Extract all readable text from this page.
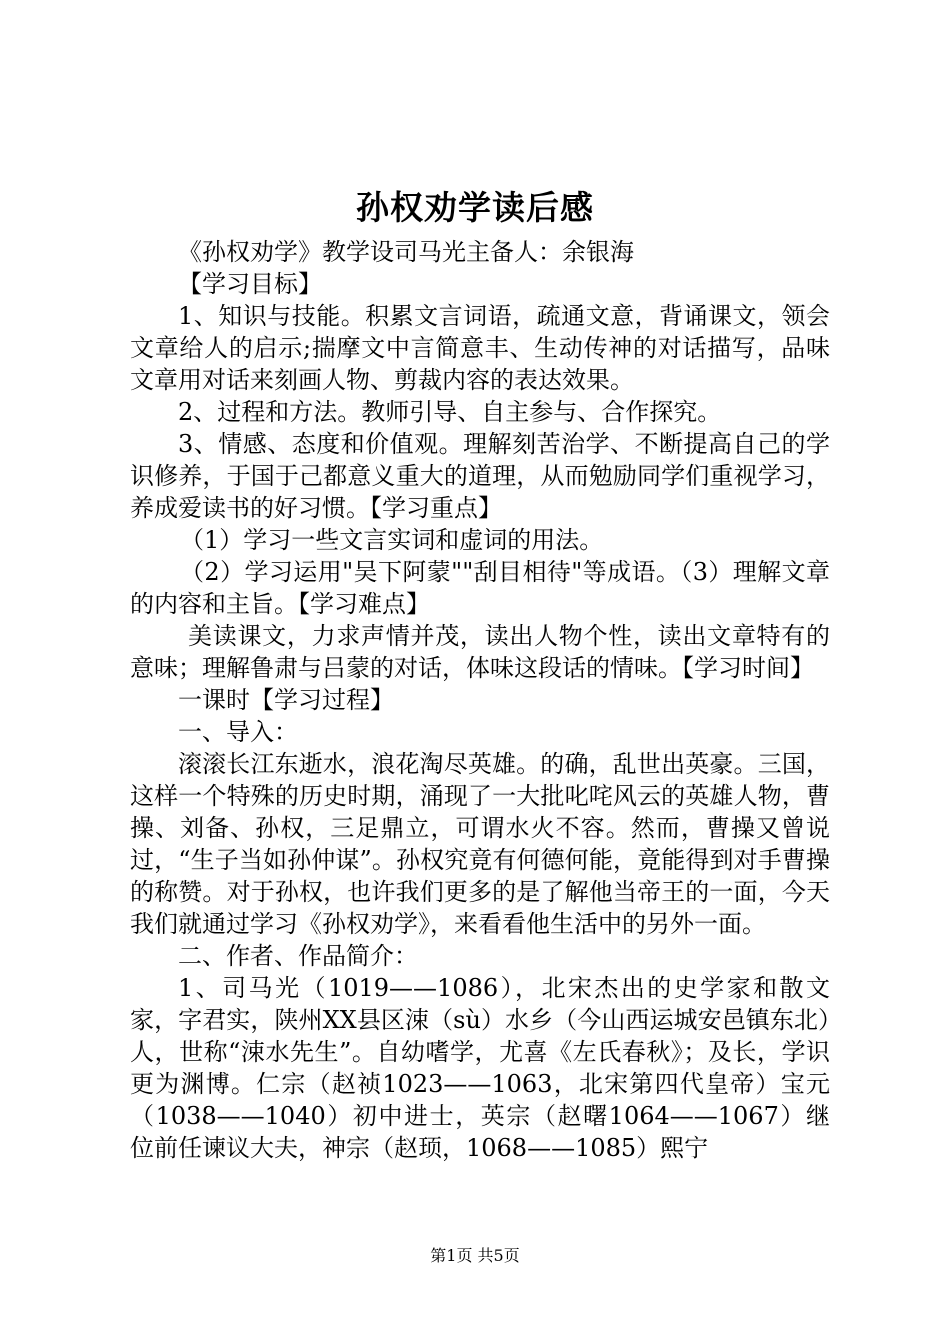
孙权劝学读后感

《孙权劝学》教学设司马光主备人：余银海

【学习目标】

1、知识与技能。积累文言词语，疏通文意，背诵课文，领会文章给人的启示;揣摩文中言简意丰、生动传神的对话描写，品味文章用对话来刻画人物、剪裁内容的表达效果。

2、过程和方法。教师引导、自主参与、合作探究。

3、情感、态度和价值观。理解刻苦治学、不断提高自己的学识修养，于国于己都意义重大的道理，从而勉励同学们重视学习，养成爱读书的好习惯。【学习重点】

（1）学习一些文言实词和虚词的用法。

（2）学习运用"吴下阿蒙""刮目相待"等成语。（3）理解文章的内容和主旨。【学习难点】

美读课文，力求声情并茂，读出人物个性，读出文章特有的意味；理解鲁肃与吕蒙的对话，体味这段话的情味。【学习时间】

一课时【学习过程】

一、导入：

滚滚长江东逝水，浪花淘尽英雄。的确，乱世出英豪。三国，这样一个特殊的历史时期，涌现了一大批叱咤风云的英雄人物，曹操、刘备、孙权，三足鼎立，可谓水火不容。然而，曹操又曾说过，“生子当如孙仲谋”。孙权究竟有何德何能，竟能得到对手曹操的称赞。对于孙权，也许我们更多的是了解他当帝王的一面，今天我们就通过学习《孙权劝学》，来看看他生活中的另外一面。

二、作者、作品简介：

1、司马光（1019——1086），北宋杰出的史学家和散文家，字君实，陕州XX县区涑（sù）水乡（今山西运城安邑镇东北）人，世称“涑水先生”。自幼嗜学，尤喜《左氏春秋》；及长，学识更为渊博。仁宗（赵祯1023——1063，北宋第四代皇帝）宝元（1038——1040）初中进士，英宗（赵曙1064——1067）继位前任谏议大夫，神宗（赵顼，1068——1085）熙宁

第1页 共5页
